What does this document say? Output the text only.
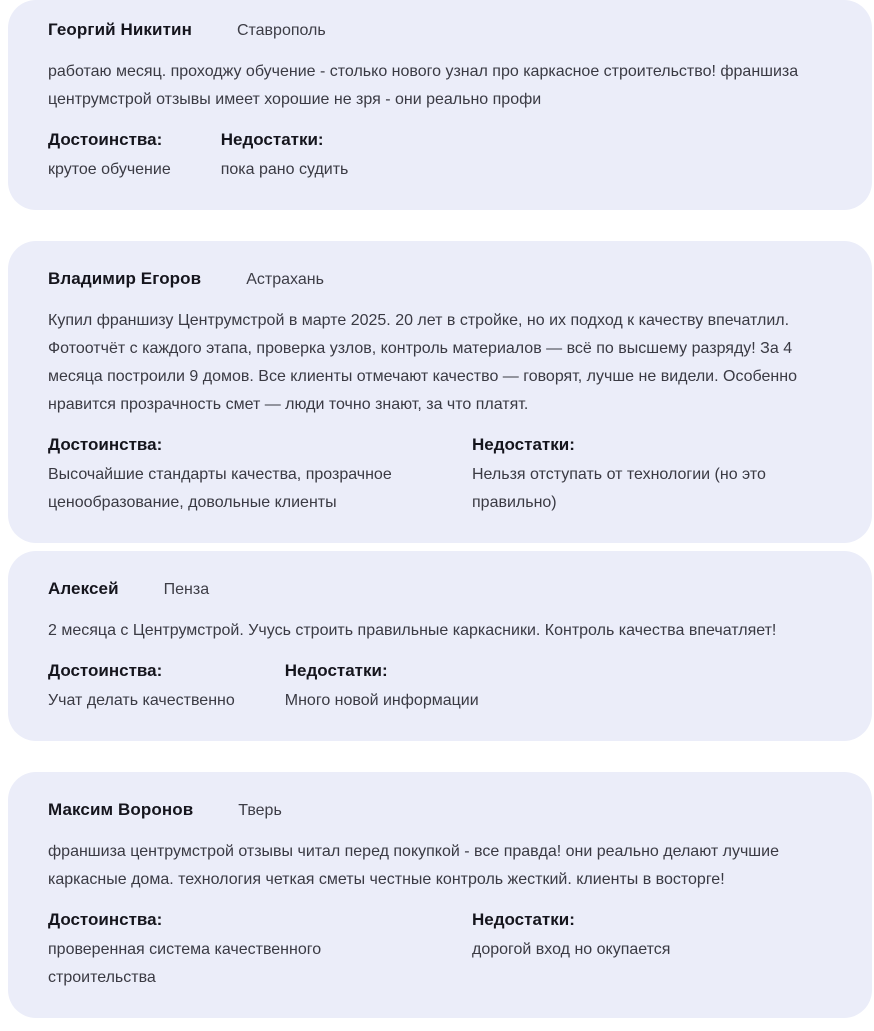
Георгий Никитин	Ставрополь

работаю месяц. проходжу обучение - столько нового узнал про каркасное строительство! франшиза центрумстрой отзывы имеет хорошие не зря - они реально профи

Достоинства:
крутое обучение
Недостатки:
пока рано судить
Владимир Егоров	Астрахань

Купил франшизу Центрумстрой в марте 2025. 20 лет в стройке, но их подход к качеству впечатлил. Фотоотчёт с каждого этапа, проверка узлов, контроль материалов — всё по высшему разряду! За 4 месяца построили 9 домов. Все клиенты отмечают качество — говорят, лучше не видели. Особенно нравится прозрачность смет — люди точно знают, за что платят.

Достоинства:
Высочайшие стандарты качества, прозрачное ценообразование, довольные клиенты
Недостатки:
Нельзя отступать от технологии (но это правильно)
Алексей	Пенза

2 месяца с Центрумстрой. Учусь строить правильные каркасники. Контроль качества впечатляет!

Достоинства:
Учат делать качественно
Недостатки:
Много новой информации
Максим Воронов	Тверь

франшиза центрумстрой отзывы читал перед покупкой - все правда! они реально делают лучшие каркасные дома. технология четкая сметы честные контроль жесткий. клиенты в восторге!

Достоинства:
проверенная система качественного строительства
Недостатки:
дорогой вход но окупается
